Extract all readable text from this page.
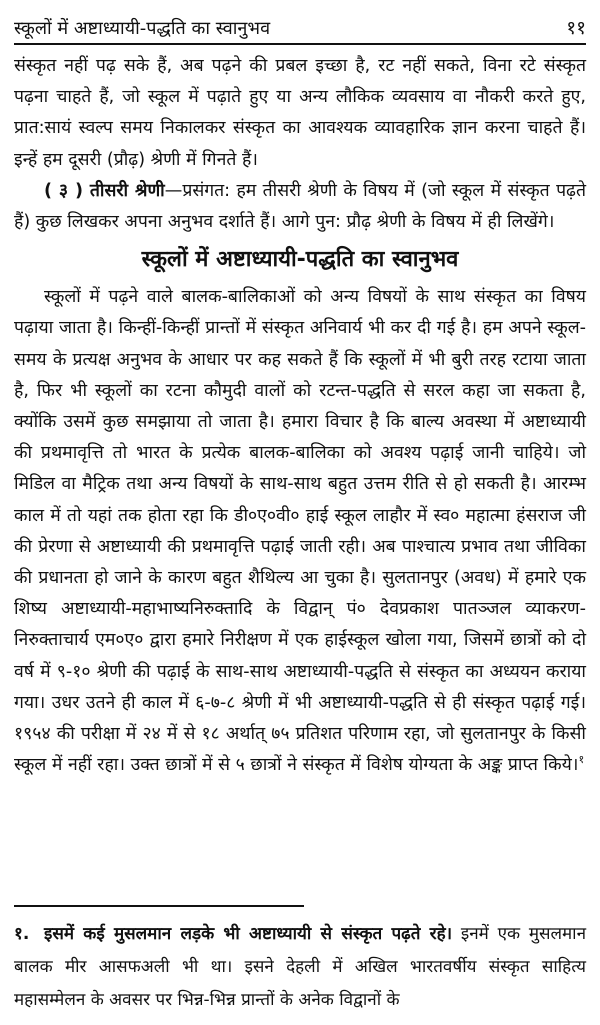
स्कूलों में अष्टाध्यायी-पद्धति का स्वानुभव	११

संस्कृत नहीं पढ़ सके हैं, अब पढ़ने की प्रबल इच्छा है, रट नहीं सकते, विना रटे संस्कृत पढ़ना चाहते हैं, जो स्कूल में पढ़ाते हुए या अन्य लौकिक व्यवसाय वा नौकरी करते हुए, प्रात:सायं स्वल्प समय निकालकर संस्कृत का आवश्यक व्यावहारिक ज्ञान करना चाहते हैं। इन्हें हम दूसरी (प्रौढ़) श्रेणी में गिनते हैं।

( ३ ) तीसरी श्रेणी—प्रसंगत: हम तीसरी श्रेणी के विषय में (जो स्कूल में संस्कृत पढ़ते हैं) कुछ लिखकर अपना अनुभव दर्शाते हैं। आगे पुन: प्रौढ़ श्रेणी के विषय में ही लिखेंगे।

स्कूलों में अष्टाध्यायी-पद्धति का स्वानुभव

स्कूलों में पढ़ने वाले बालक-बालिकाओं को अन्य विषयों के साथ संस्कृत का विषय पढ़ाया जाता है। किन्हीं-किन्हीं प्रान्तों में संस्कृत अनिवार्य भी कर दी गई है। हम अपने स्कूल-समय के प्रत्यक्ष अनुभव के आधार पर कह सकते हैं कि स्कूलों में भी बुरी तरह रटाया जाता है, फिर भी स्कूलों का रटना कौमुदी वालों को रटन्त-पद्धति से सरल कहा जा सकता है, क्योंकि उसमें कुछ समझाया तो जाता है। हमारा विचार है कि बाल्य अवस्था में अष्टाध्यायी की प्रथमावृत्ति तो भारत के प्रत्येक बालक-बालिका को अवश्य पढ़ाई जानी चाहिये। जो मिडिल वा मैट्रिक तथा अन्य विषयों के साथ-साथ बहुत उत्तम रीति से हो सकती है। आरम्भ काल में तो यहां तक होता रहा कि डी०ए०वी० हाई स्कूल लाहौर में स्व० महात्मा हंसराज जी की प्रेरणा से अष्टाध्यायी की प्रथमावृत्ति पढ़ाई जाती रही। अब पाश्चात्य प्रभाव तथा जीविका की प्रधानता हो जाने के कारण बहुत शैथिल्य आ चुका है। सुलतानपुर (अवध) में हमारे एक शिष्य अष्टाध्यायी-महाभाष्यनिरुक्तादि के विद्वान् पं० देवप्रकाश पातञ्जल व्याकरण-निरुक्ताचार्य एम०ए० द्वारा हमारे निरीक्षण में एक हाईस्कूल खोला गया, जिसमें छात्रों को दो वर्ष में ९-१० श्रेणी की पढ़ाई के साथ-साथ अष्टाध्यायी-पद्धति से संस्कृत का अध्ययन कराया गया। उधर उतने ही काल में ६-७-८ श्रेणी में भी अष्टाध्यायी-पद्धति से ही संस्कृत पढ़ाई गई। १९५४ की परीक्षा में २४ में से १८ अर्थात् ७५ प्रतिशत परिणाम रहा, जो सुलतानपुर के किसी स्कूल में नहीं रहा। उक्त छात्रों में से ५ छात्रों ने संस्कृत में विशेष योग्यता के अङ्क प्राप्त किये।$^१$

१. इसमें कई मुसलमान लड़के भी अष्टाध्यायी से संस्कृत पढ़ते रहे। इनमें एक मुसलमान बालक मीर आसफअली भी था। इसने देहली में अखिल भारतवर्षीय संस्कृत साहित्य महासम्मेलन के अवसर पर भिन्न-भिन्न प्रान्तों के अनेक विद्वानों के
